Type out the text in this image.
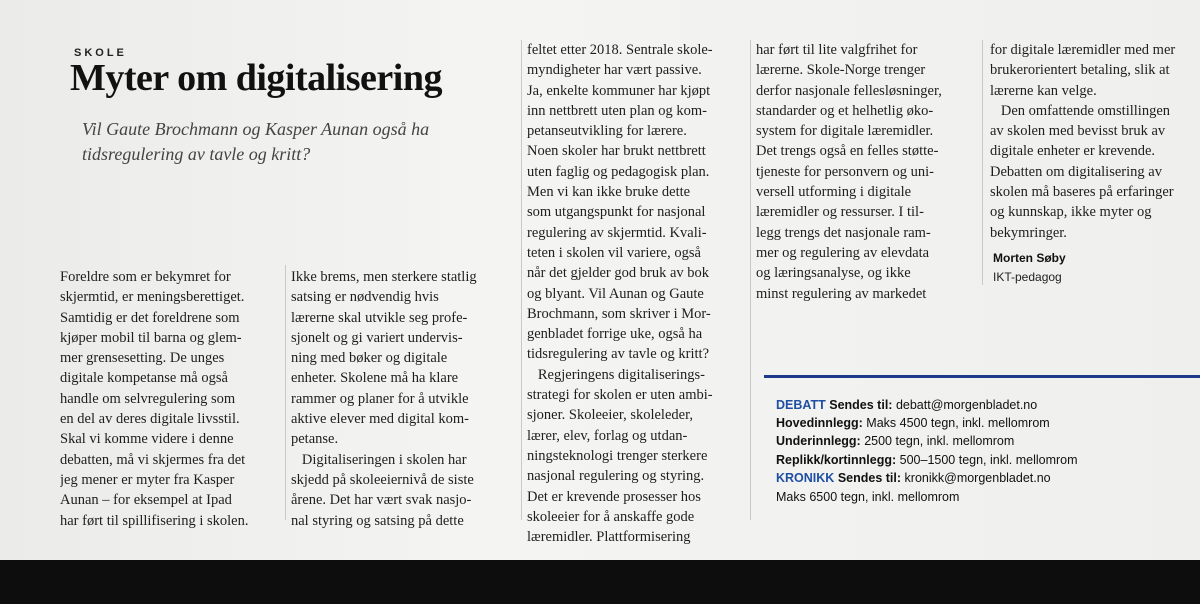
SKOLE
Myter om digitalisering

Vil Gaute Brochmann og Kasper Aunan også ha tidsregulering av tavle og kritt?

Foreldre som er bekymret for
skjermtid, er meningsberettiget.
Samtidig er det foreldrene som
kjøper mobil til barna og glem-
mer grensesetting. De unges
digitale kompetanse må også
handle om selvregulering som
en del av deres digitale livsstil.
Skal vi komme videre i denne
debatten, må vi skjermes fra det
jeg mener er myter fra Kasper
Aunan – for eksempel at Ipad
har ført til spillifisering i skolen.

Ikke brems, men sterkere statlig
satsing er nødvendig hvis
lærerne skal utvikle seg profe-
sjonelt og gi variert undervis-
ning med bøker og digitale
enheter. Skolene må ha klare
rammer og planer for å utvikle
aktive elever med digital kom-
petanse.
Digitaliseringen i skolen har
skjedd på skoleeiernivå de siste
årene. Det har vært svak nasjo-
nal styring og satsing på dette

feltet etter 2018. Sentrale skole-
myndigheter har vært passive.
Ja, enkelte kommuner har kjøpt
inn nettbrett uten plan og kom-
petanseutvikling for lærere.
Noen skoler har brukt nettbrett
uten faglig og pedagogisk plan.
Men vi kan ikke bruke dette
som utgangspunkt for nasjonal
regulering av skjermtid. Kvali-
teten i skolen vil variere, også
når det gjelder god bruk av bok
og blyant. Vil Aunan og Gaute
Brochmann, som skriver i Mor-
genbladet forrige uke, også ha
tidsregulering av tavle og kritt?
Regjeringens digitaliserings-
strategi for skolen er uten ambi-
sjoner. Skoleeier, skoleleder,
lærer, elev, forlag og utdan-
ningsteknologi trenger sterkere
nasjonal regulering og styring.
Det er krevende prosesser hos
skoleeier for å anskaffe gode
læremidler. Plattformisering

har ført til lite valgfrihet for
lærerne. Skole-Norge trenger
derfor nasjonale fellesløsninger,
standarder og et helhetlig øko-
system for digitale læremidler.
Det trengs også en felles støtte-
tjeneste for personvern og uni-
versell utforming i digitale
læremidler og ressurser. I til-
legg trengs det nasjonale ram-
mer og regulering av elevdata
og læringsanalyse, og ikke
minst regulering av markedet

for digitale læremidler med mer
brukerorientert betaling, slik at
lærerne kan velge.
Den omfattende omstillingen
av skolen med bevisst bruk av
digitale enheter er krevende.
Debatten om digitalisering av
skolen må baseres på erfaringer
og kunnskap, ikke myter og
bekymringer.

Morten Søby
IKT-pedagog
DEBATT Sendes til: debatt@morgenbladet.no
Hovedinnlegg: Maks 4500 tegn, inkl. mellomrom
Underinnlegg: 2500 tegn, inkl. mellomrom
Replikk/kortinnlegg: 500–1500 tegn, inkl. mellomrom
KRONIKK Sendes til: kronikk@morgenbladet.no
Maks 6500 tegn, inkl. mellomrom
